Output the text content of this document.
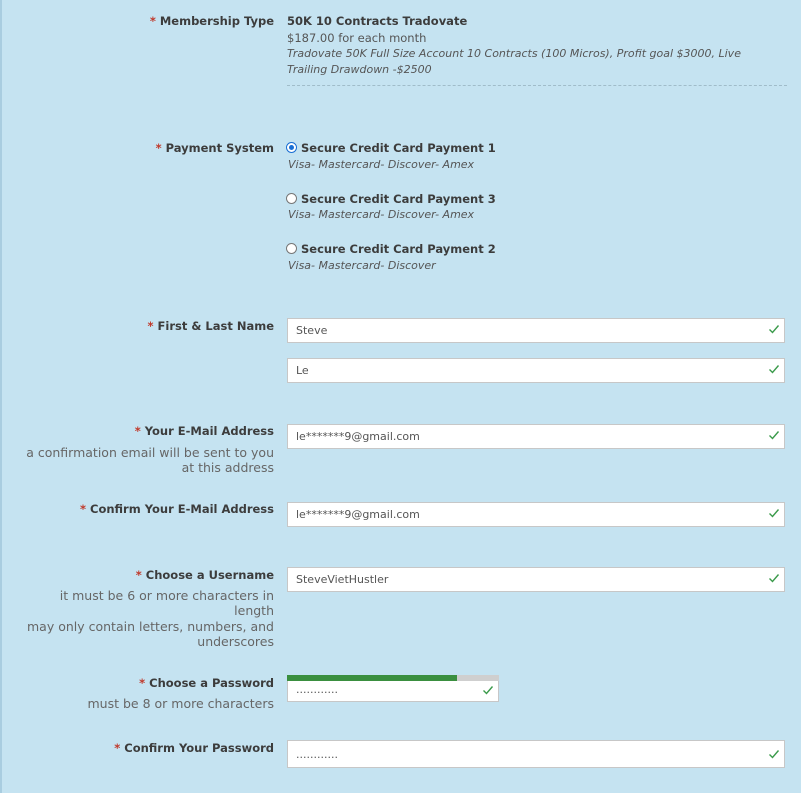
* Membership Type 50K 10 Contracts Tradovate
$187.00 for each month
Tradovate 50K Full Size Account 10 Contracts (100 Micros), Profit goal $3000, Live Trailing Drawdown -$2500
* Payment System Secure Credit Card Payment 1
Visa- Mastercard- Discover- Amex
Secure Credit Card Payment 3
Visa- Mastercard- Discover- Amex
Secure Credit Card Payment 2
Visa- Mastercard- Discover
* First & Last Name
Steve
Le
* Your E-Mail Address
a confirmation email will be sent to you at this address
le*******9@gmail.com
* Confirm Your E-Mail Address
le*******9@gmail.com
* Choose a Username
it must be 6 or more characters in length
may only contain letters, numbers, and underscores
SteveVietHustler
* Choose a Password
must be 8 or more characters
............
* Confirm Your Password
............
